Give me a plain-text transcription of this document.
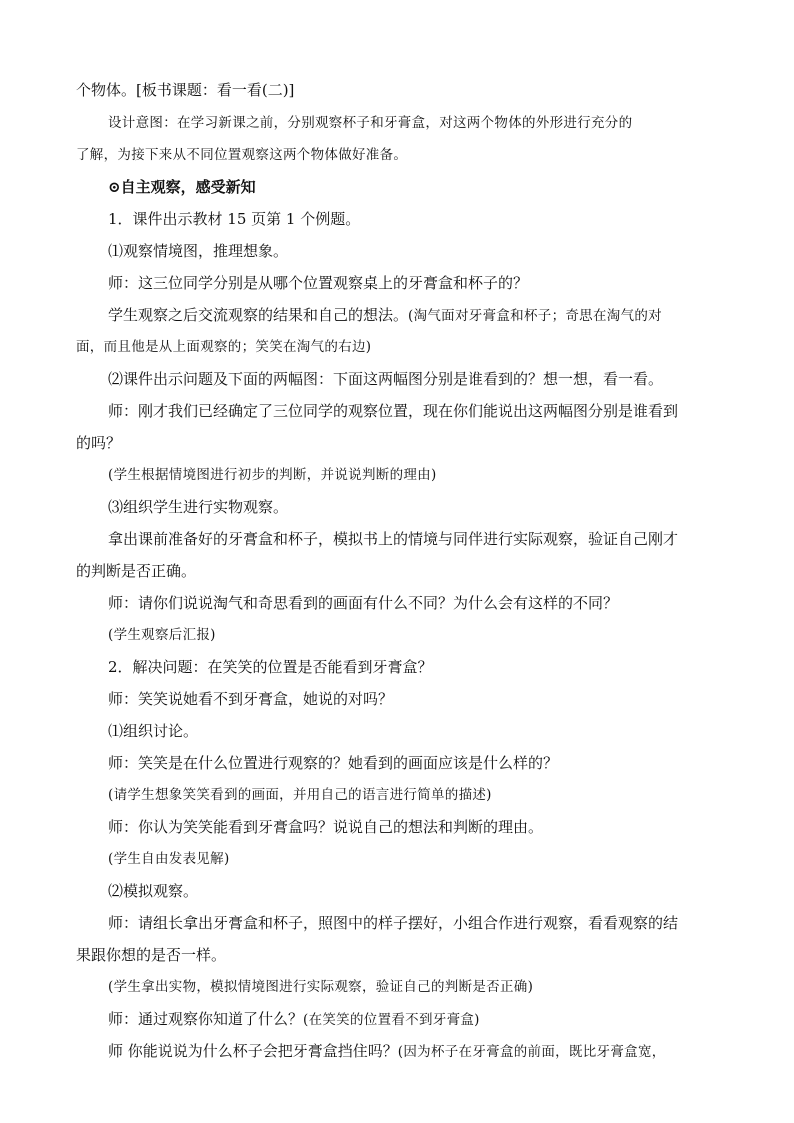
个物体。[板书课题：看一看(二)]
设计意图：在学习新课之前，分别观察杯子和牙膏盒，对这两个物体的外形进行充分的
了解，为接下来从不同位置观察这两个物体做好准备。
⊙自主观察，感受新知
1．课件出示教材 15 页第 1 个例题。
⑴观察情境图，推理想象。
师：这三位同学分别是从哪个位置观察桌上的牙膏盒和杯子的？
学生观察之后交流观察的结果和自己的想法。(淘气面对牙膏盒和杯子；奇思在淘气的对
面，而且他是从上面观察的；笑笑在淘气的右边)
⑵课件出示问题及下面的两幅图：下面这两幅图分别是谁看到的？想一想，看一看。
师：刚才我们已经确定了三位同学的观察位置，现在你们能说出这两幅图分别是谁看到
的吗？
(学生根据情境图进行初步的判断，并说说判断的理由)
⑶组织学生进行实物观察。
拿出课前准备好的牙膏盒和杯子，模拟书上的情境与同伴进行实际观察，验证自己刚才
的判断是否正确。
师：请你们说说淘气和奇思看到的画面有什么不同？为什么会有这样的不同？
(学生观察后汇报)
2．解决问题：在笑笑的位置是否能看到牙膏盒？
师：笑笑说她看不到牙膏盒，她说的对吗？
⑴组织讨论。
师：笑笑是在什么位置进行观察的？她看到的画面应该是什么样的？
(请学生想象笑笑看到的画面，并用自己的语言进行简单的描述)
师：你认为笑笑能看到牙膏盒吗？说说自己的想法和判断的理由。
(学生自由发表见解)
⑵模拟观察。
师：请组长拿出牙膏盒和杯子，照图中的样子摆好，小组合作进行观察，看看观察的结
果跟你想的是否一样。
(学生拿出实物，模拟情境图进行实际观察，验证自己的判断是否正确)
师：通过观察你知道了什么？(在笑笑的位置看不到牙膏盒)
师 你能说说为什么杯子会把牙膏盒挡住吗？(因为杯子在牙膏盒的前面，既比牙膏盒宽，
